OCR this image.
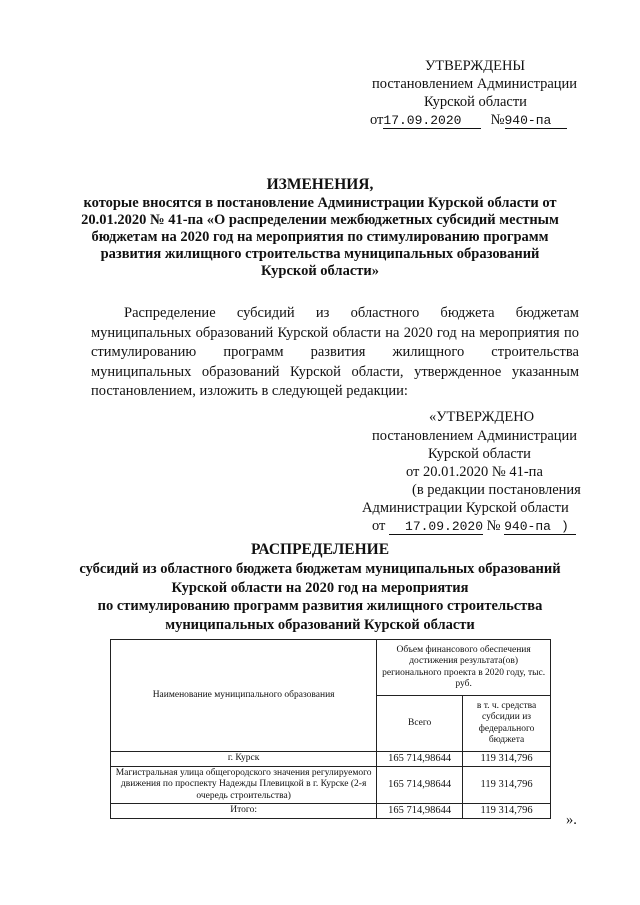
УТВЕРЖДЕНЫ
постановлением Администрации
Курской области
от17.09.2020 №940-па
ИЗМЕНЕНИЯ,
которые вносятся в постановление Администрации Курской области от
20.01.2020 № 41-па «О распределении межбюджетных субсидий местным
бюджетам на 2020 год на мероприятия по стимулированию программ
развития жилищного строительства муниципальных образований
Курской области»
Распределение субсидий из областного бюджета бюджетам муниципальных образований Курской области на 2020 год на мероприятия по стимулированию программ развития жилищного строительства муниципальных образований Курской области, утвержденное указанным постановлением, изложить в следующей редакции:
«УТВЕРЖДЕНО
постановлением Администрации
Курской области
от 20.01.2020 № 41-па
(в редакции постановления
Администрации Курской области
от 17.09.2020 № 940-па )
РАСПРЕДЕЛЕНИЕ
субсидий из областного бюджета бюджетам муниципальных образований
Курской области на 2020 год на мероприятия
по стимулированию программ развития жилищного строительства
муниципальных образований Курской области
Наименование муниципального образования	Объем финансового обеспечения достижения результата(ов) регионального проекта в 2020 году, тыс. руб.	
	Всего	в т. ч. средства субсидии из федерального бюджета
г. Курск	165 714,98644	119 314,796
Магистральная улица общегородского значения регулируемого движения по проспекту Надежды Плевицкой в г. Курске (2-я очередь строительства)	165 714,98644	119 314,796
Итого:	165 714,98644	119 314,796
».
